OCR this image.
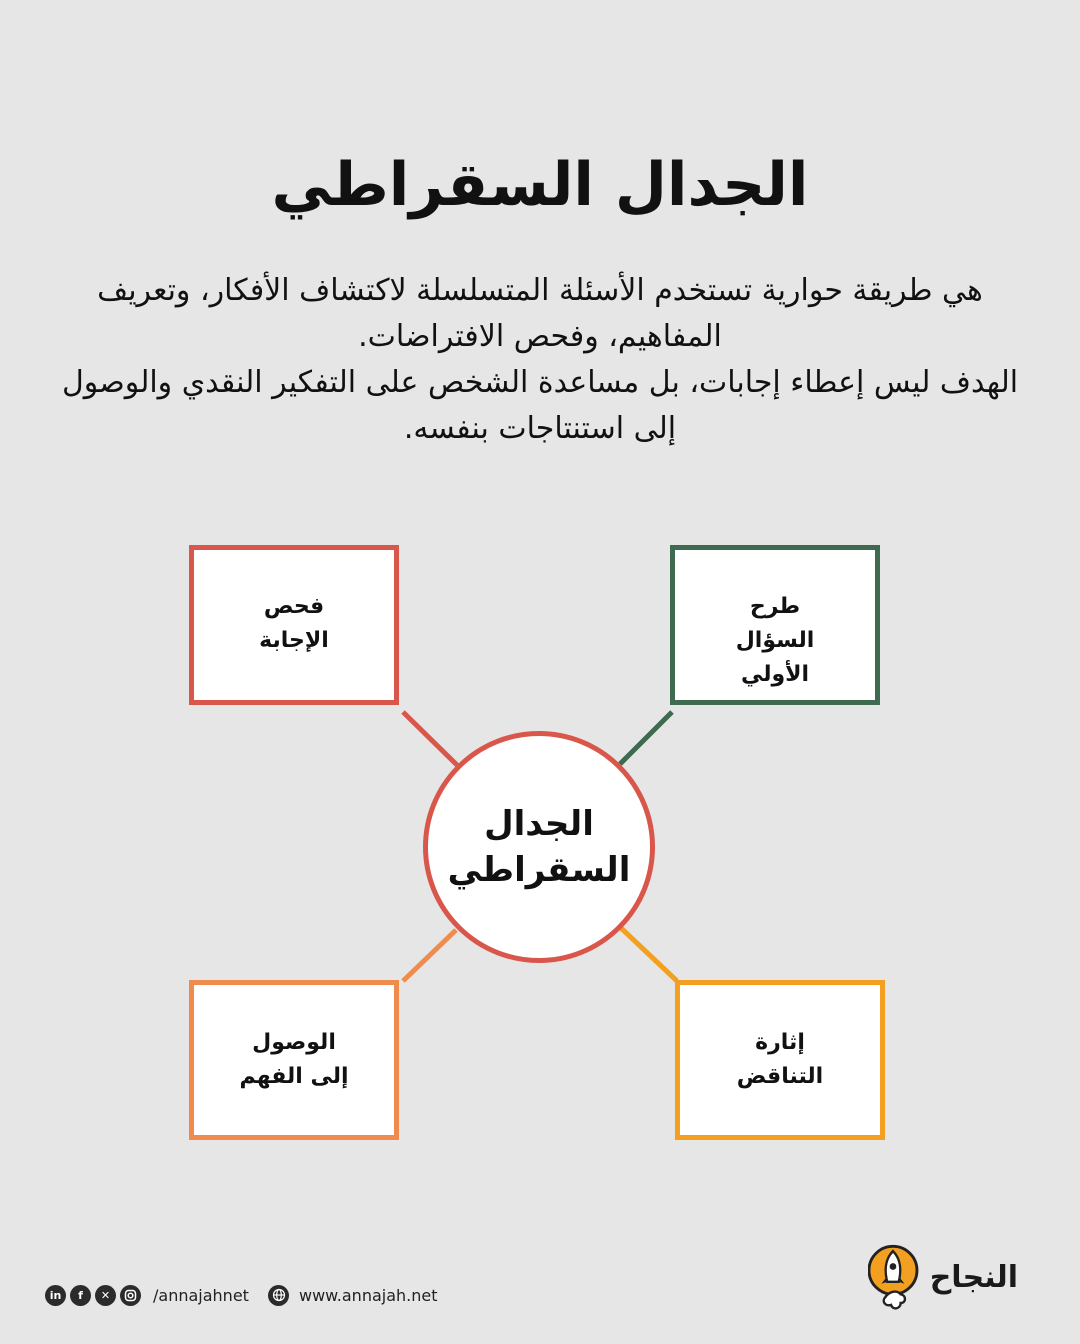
الجدال السقراطي

هي طريقة حوارية تستخدم الأسئلة المتسلسلة لاكتشاف الأفكار، وتعريف المفاهيم، وفحص الافتراضات.

الهدف ليس إعطاء إجابات، بل مساعدة الشخص على التفكير النقدي والوصول إلى استنتاجات بنفسه.

فحص
الإجابة
طرح
السؤال
الأولي
الوصول
إلى الفهم
إثارة
التناقض
الجدال
السقراطي
in	f	✕	/annajahnet	www.annajah.net	النجاح
